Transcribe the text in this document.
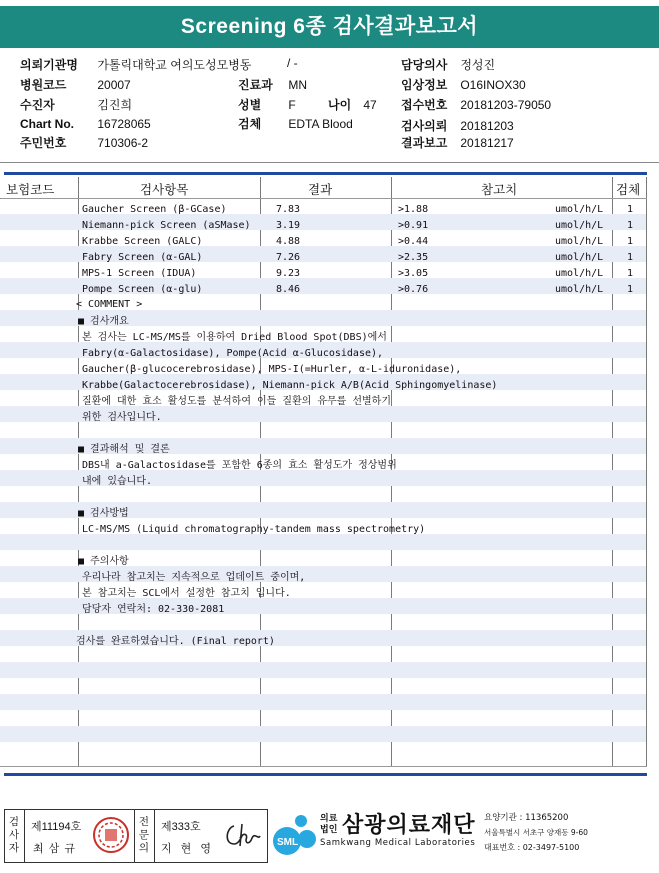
Screening 6종 검사결과보고서
의뢰기관명 가톨릭대학교 여의도성모병동	/ -	담당의사 정성진
병원코드	20007	진료과 MN	임상정보 O16INOX30
수진자	김진희	성별 F	나이 47 접수번호 20181203-79050
Chart No. 16728065	검체 EDTA Blood	검사의뢰 20181203
주민번호	710306-2	결과보고 20181217
보험코드	검사항목	결과	참고치	검체
Gaucher Screen (β-GCase)	7.83	>1.88	umol/h/L 1
Niemann-pick Screen (aSMase)	3.19	>0.91	umol/h/L 1
Krabbe Screen (GALC)	4.88	>0.44	umol/h/L 1
Fabry Screen (α-GAL)	7.26	>2.35	umol/h/L 1
MPS-1 Screen (IDUA)	9.23	>3.05	umol/h/L 1
Pompe Screen (α-glu)	8.46	>0.76	umol/h/L 1
< COMMENT >
■ 검사개요
본 검사는 LC-MS/MS를 이용하여 Dried Blood Spot(DBS)에서
Fabry(α-Galactosidase), Pompe(Acid α-Glucosidase),
Gaucher(β-glucocerebrosidase), MPS-I(=Hurler, α-L-iduronidase),
Krabbe(Galactocerebrosidase), Niemann-pick A/B(Acid Sphingomyelinase)
질환에 대한 효소 활성도를 분석하여 이들 질환의 유무를 선별하기
위한 검사입니다.
■ 결과해석 및 결론
DBS내 a-Galactosidase를 포함한 6종의 효소 활성도가 정상범위
내에 있습니다.
■ 검사방법
LC-MS/MS (Liquid chromatography-tandem mass spectrometry)
■ 주의사항
우리나라 참고치는 지속적으로 업데이트 중이며,
본 참고치는 SCL에서 설정한 참고치 입니다.
담당자 연락처: 02-330-2081
검사를 완료하였습니다. (Final report)
검
사
자
제11194호
최 삼 규
전
문
의
제333호
지 현 영
SML
의료법인 삼광의료재단
Samkwang Medical Laboratories
요양기관 : 11365200
서울특별시 서초구 양재동 9-60
대표번호 : 02-3497-5100
